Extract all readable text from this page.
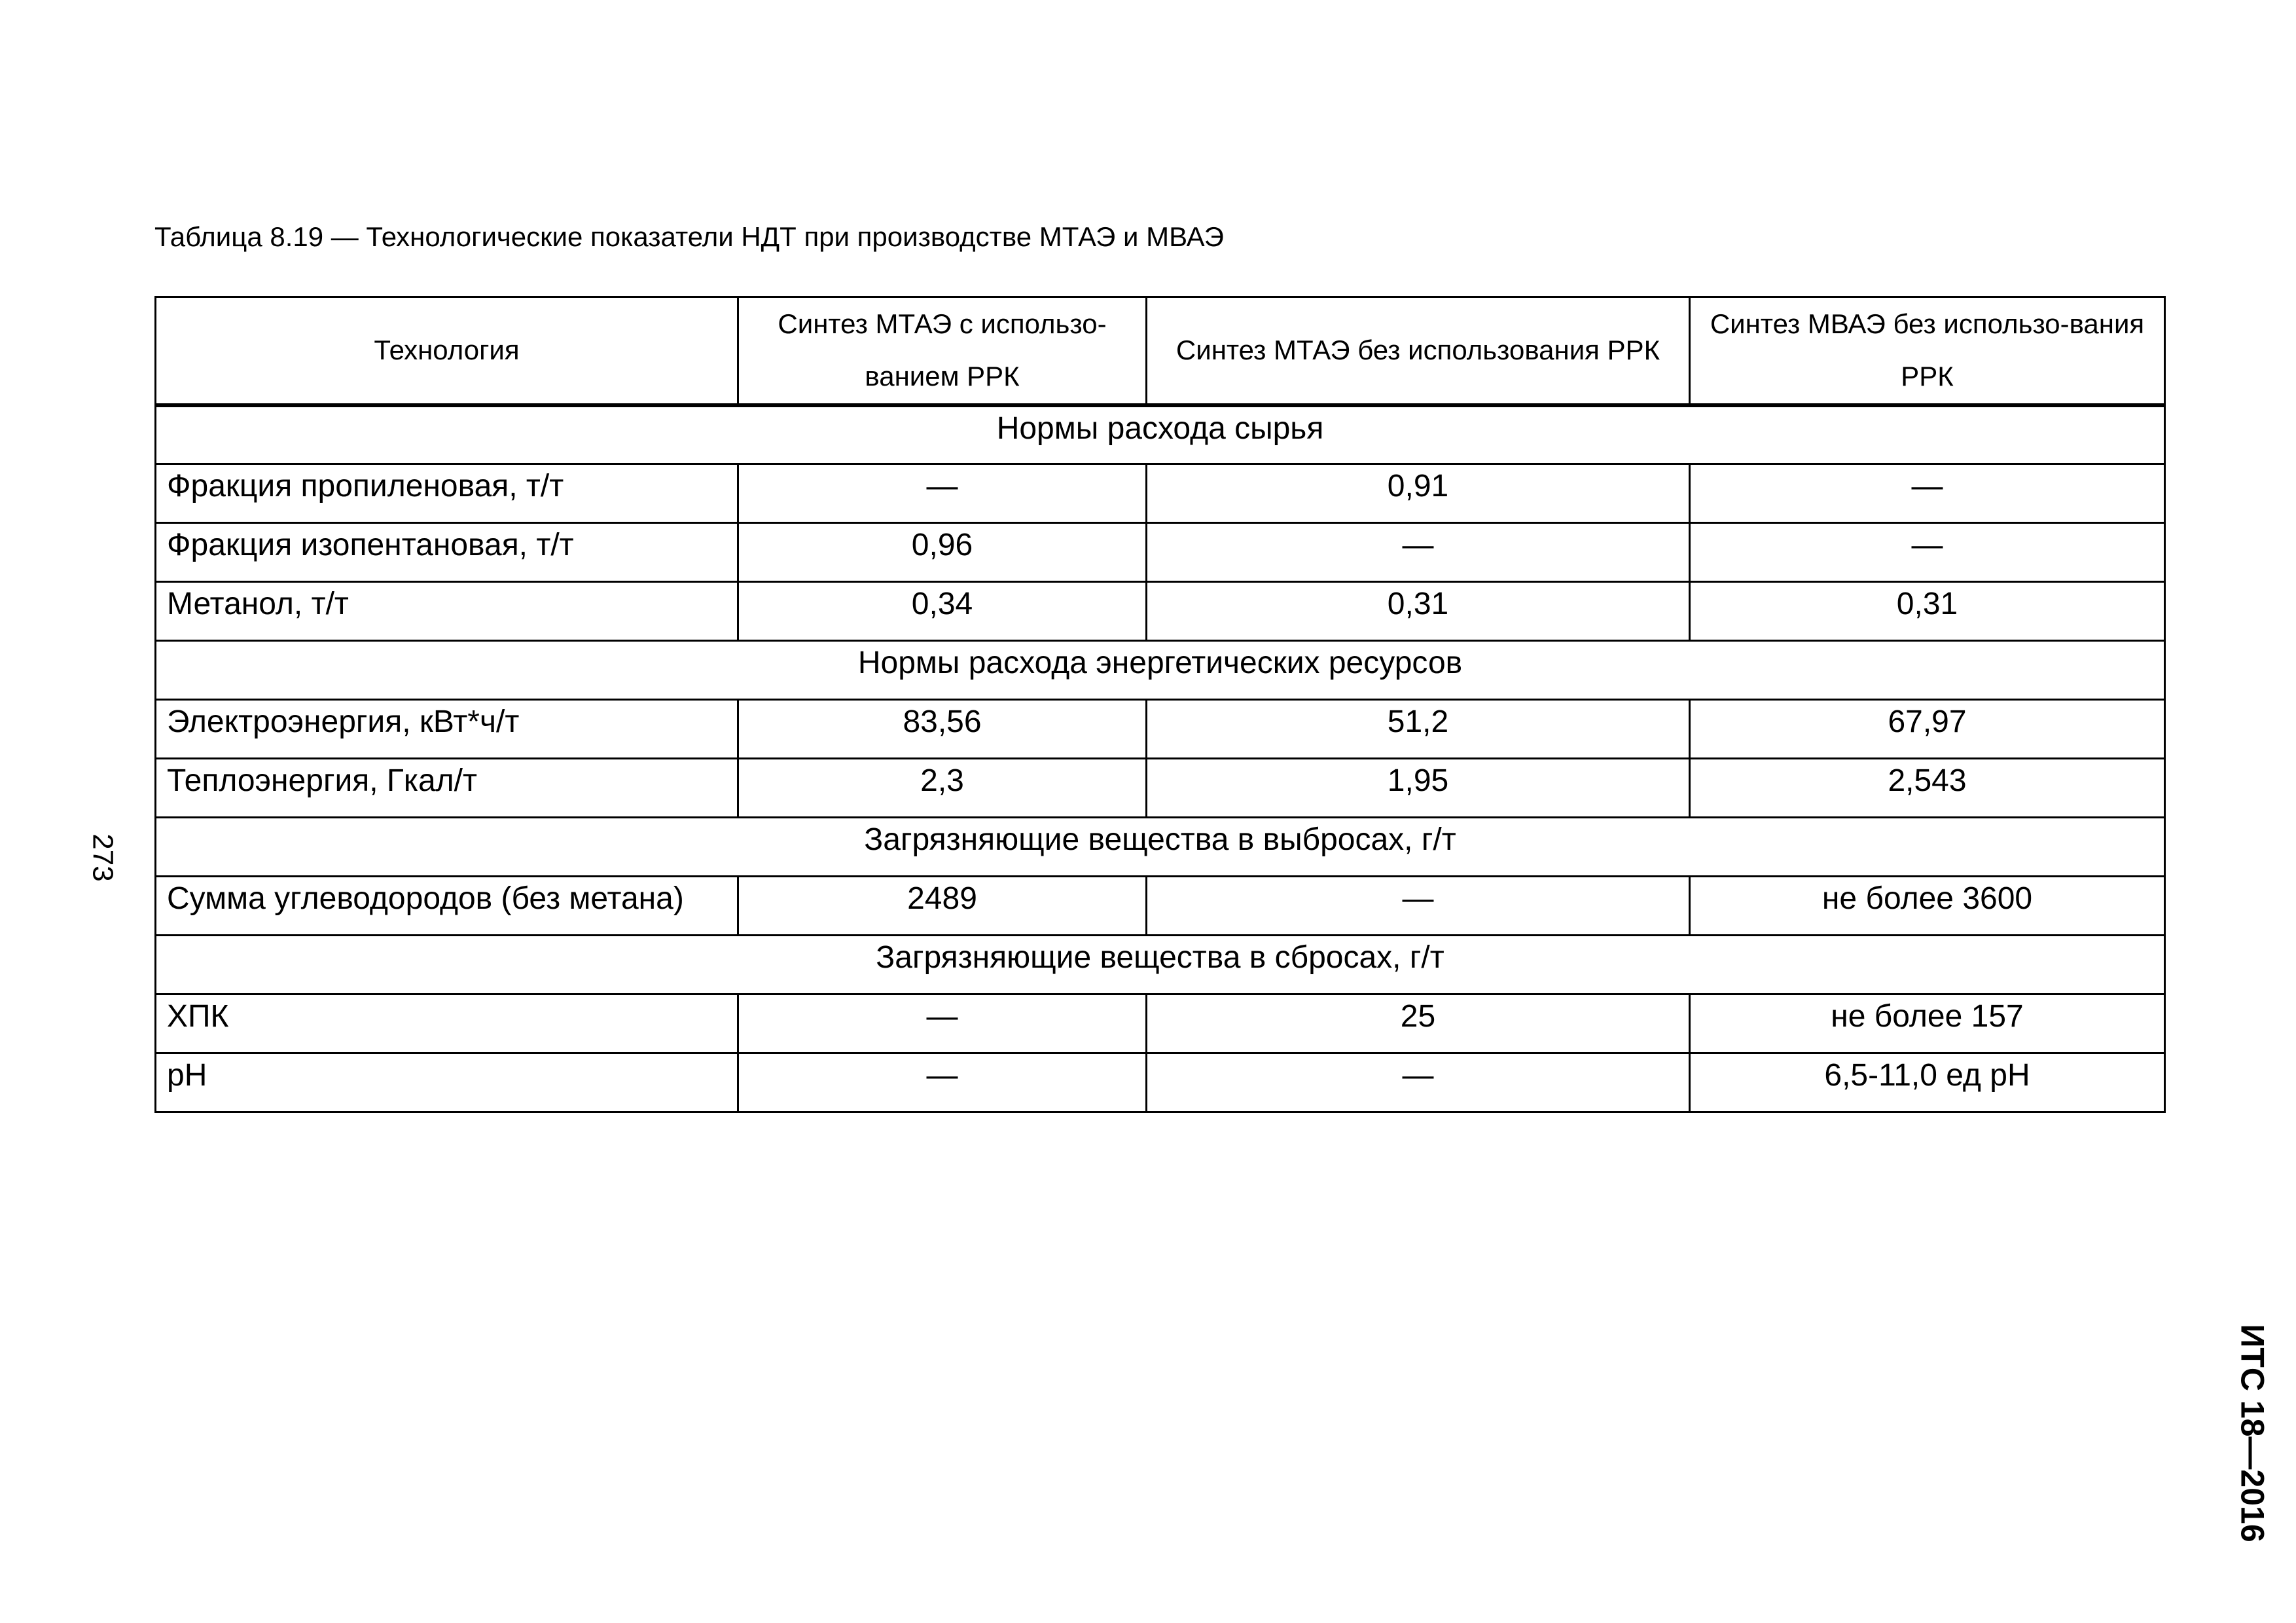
Таблица 8.19 — Технологические показатели НДТ при производстве МТАЭ и МВАЭ
Технология	Синтез МТАЭ с использо-ванием РРК	Синтез МТАЭ без использования РРК	Синтез МВАЭ без использо-вания РРК
Нормы расхода сырья			
Фракция пропиленовая, т/т	—	0,91	—
Фракция изопентановая, т/т	0,96	—	—
Метанол, т/т	0,34	0,31	0,31
Нормы расхода энергетических ресурсов			
Электроэнергия, кВт*ч/т	83,56	51,2	67,97
Теплоэнергия, Гкал/т	2,3	1,95	2,543
Загрязняющие вещества в выбросах, г/т			
Сумма углеводородов (без метана)	2489	—	не более 3600
Загрязняющие вещества в сбросах, г/т			
ХПК	—	25	не более 157
pH	—	—	6,5-11,0 ед pH
273
ИТС 18—2016
